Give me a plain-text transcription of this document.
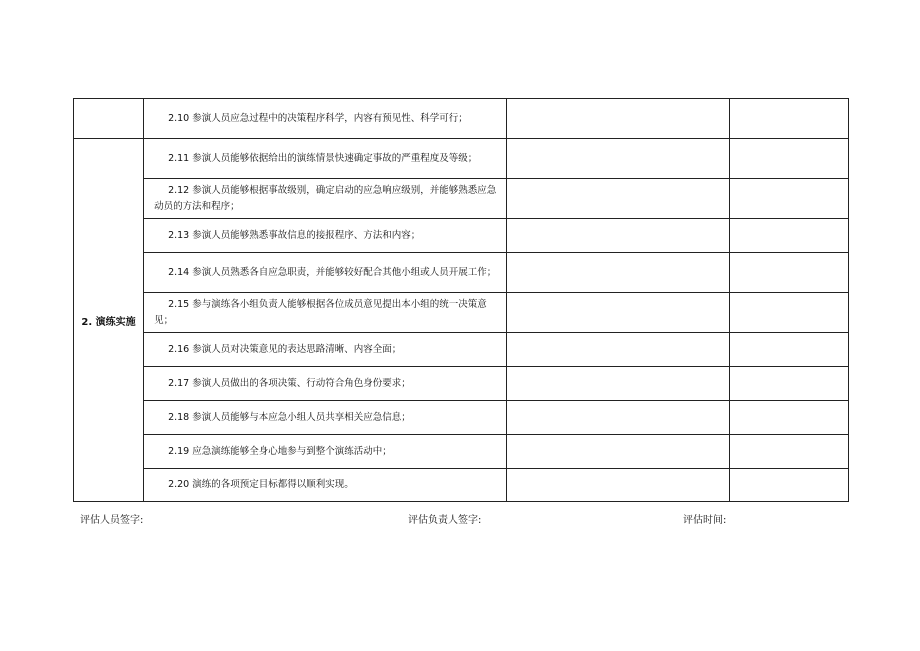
	2.10 参演人员应急过程中的决策程序科学，内容有预见性、科学可行；		
2. 演练实施	2.11 参演人员能够依据给出的演练情景快速确定事故的严重程度及等级；		
	2.12 参演人员能够根据事故级别，确定启动的应急响应级别，并能够熟悉应急动员的方法和程序；		
	2.13 参演人员能够熟悉事故信息的接报程序、方法和内容；		
	2.14 参演人员熟悉各自应急职责，并能够较好配合其他小组或人员开展工作；		
	2.15 参与演练各小组负责人能够根据各位成员意见提出本小组的统一决策意见；		
	2.16 参演人员对决策意见的表达思路清晰、内容全面；		
	2.17 参演人员做出的各项决策、行动符合角色身份要求；		
	2.18 参演人员能够与本应急小组人员共享相关应急信息；		
	2.19 应急演练能够全身心地参与到整个演练活动中；		
	2.20 演练的各项预定目标都得以顺利实现。		
评估人员签字:	评估负责人签字:	评估时间:
